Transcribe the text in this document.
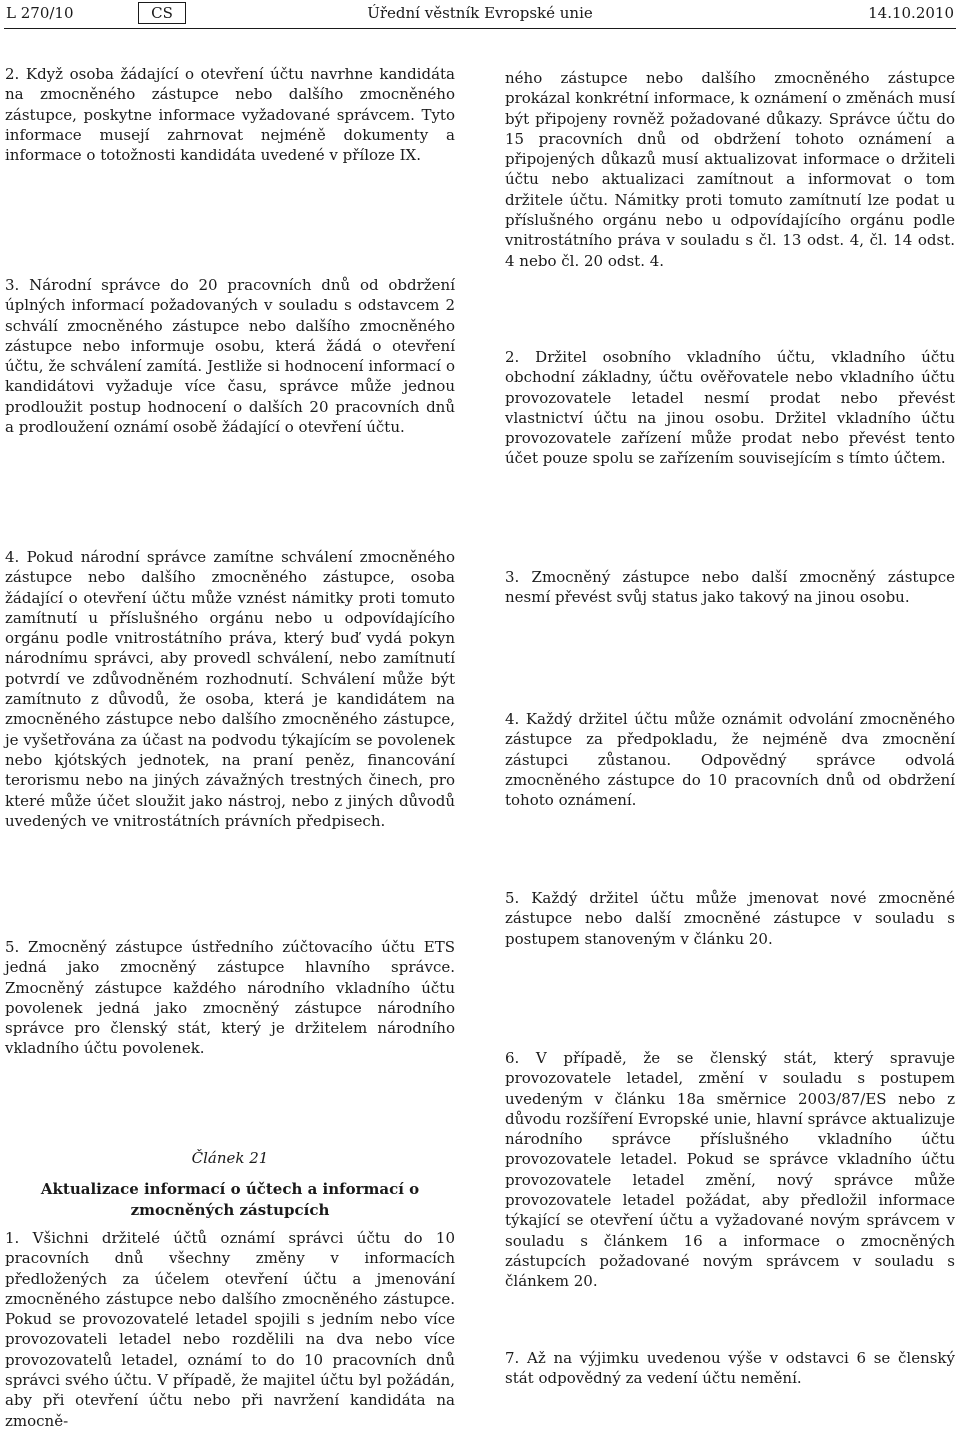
L 270/10	CS	Úřední věstník Evropské unie	14.10.2010

2. Když osoba žádající o otevření účtu navrhne kandidáta na zmocněného zástupce nebo dalšího zmocněného zástupce, poskytne informace vyžadované správcem. Tyto informace musejí zahrnovat nejméně dokumenty a informace o totožnosti kandidáta uvedené v příloze IX.

3. Národní správce do 20 pracovních dnů od obdržení úplných informací požadovaných v souladu s odstavcem 2 schválí zmocněného zástupce nebo dalšího zmocněného zástupce nebo informuje osobu, která žádá o otevření účtu, že schválení zamítá. Jestliže si hodnocení informací o kandidátovi vyžaduje více času, správce může jednou prodloužit postup hodnocení o dalších 20 pracovních dnů a prodloužení oznámí osobě žádající o otevření účtu.

4. Pokud národní správce zamítne schválení zmocněného zástupce nebo dalšího zmocněného zástupce, osoba žádající o otevření účtu může vznést námitky proti tomuto zamítnutí u příslušného orgánu nebo u odpovídajícího orgánu podle vnitrostátního práva, který buď vydá pokyn národnímu správci, aby provedl schválení, nebo zamítnutí potvrdí ve zdůvodněném rozhodnutí. Schválení může být zamítnuto z důvodů, že osoba, která je kandidátem na zmocněného zástupce nebo dalšího zmocněného zástupce, je vyšetřována za účast na podvodu týkajícím se povolenek nebo kjótských jednotek, na praní peněz, financování terorismu nebo na jiných závažných trestných činech, pro které může účet sloužit jako nástroj, nebo z jiných důvodů uvedených ve vnitrostátních právních předpisech.

5. Zmocněný zástupce ústředního zúčtovacího účtu ETS jedná jako zmocněný zástupce hlavního správce. Zmocněný zástupce každého národního vkladního účtu povolenek jedná jako zmocněný zástupce národního správce pro členský stát, který je držitelem národního vkladního účtu povolenek.

Článek 21

Aktualizace informací o účtech a informací o zmocněných zástupcích

1. Všichni držitelé účtů oznámí správci účtu do 10 pracovních dnů všechny změny v informacích předložených za účelem otevření účtu a jmenování zmocněného zástupce nebo dalšího zmocněného zástupce. Pokud se provozovatelé letadel spojili s jedním nebo více provozovateli letadel nebo rozdělili na dva nebo více provozovatelů letadel, oznámí to do 10 pracovních dnů správci svého účtu. V případě, že majitel účtu byl požádán, aby při otevření účtu nebo při navržení kandidáta na zmocně-

ného zástupce nebo dalšího zmocněného zástupce prokázal konkrétní informace, k oznámení o změnách musí být připojeny rovněž požadované důkazy. Správce účtu do 15 pracovních dnů od obdržení tohoto oznámení a připojených důkazů musí aktualizovat informace o držiteli účtu nebo aktualizaci zamítnout a informovat o tom držitele účtu. Námitky proti tomuto zamítnutí lze podat u příslušného orgánu nebo u odpovídajícího orgánu podle vnitrostátního práva v souladu s čl. 13 odst. 4, čl. 14 odst. 4 nebo čl. 20 odst. 4.

2. Držitel osobního vkladního účtu, vkladního účtu obchodní základny, účtu ověřovatele nebo vkladního účtu provozovatele letadel nesmí prodat nebo převést vlastnictví účtu na jinou osobu. Držitel vkladního účtu provozovatele zařízení může prodat nebo převést tento účet pouze spolu se zařízením souvisejícím s tímto účtem.

3. Zmocněný zástupce nebo další zmocněný zástupce nesmí převést svůj status jako takový na jinou osobu.

4. Každý držitel účtu může oznámit odvolání zmocněného zástupce za předpokladu, že nejméně dva zmocnění zástupci zůstanou. Odpovědný správce odvolá zmocněného zástupce do 10 pracovních dnů od obdržení tohoto oznámení.

5. Každý držitel účtu může jmenovat nové zmocněné zástupce nebo další zmocněné zástupce v souladu s postupem stanoveným v článku 20.

6. V případě, že se členský stát, který spravuje provozovatele letadel, změní v souladu s postupem uvedeným v článku 18a směrnice 2003/87/ES nebo z důvodu rozšíření Evropské unie, hlavní správce aktualizuje národního správce příslušného vkladního účtu provozovatele letadel. Pokud se správce vkladního účtu provozovatele letadel změní, nový správce může provozovatele letadel požádat, aby předložil informace týkající se otevření účtu a vyžadované novým správcem v souladu s článkem 16 a informace o zmocněných zástupcích požadované novým správcem v souladu s článkem 20.

7. Až na výjimku uvedenou výše v odstavci 6 se členský stát odpovědný za vedení účtu nemění.
